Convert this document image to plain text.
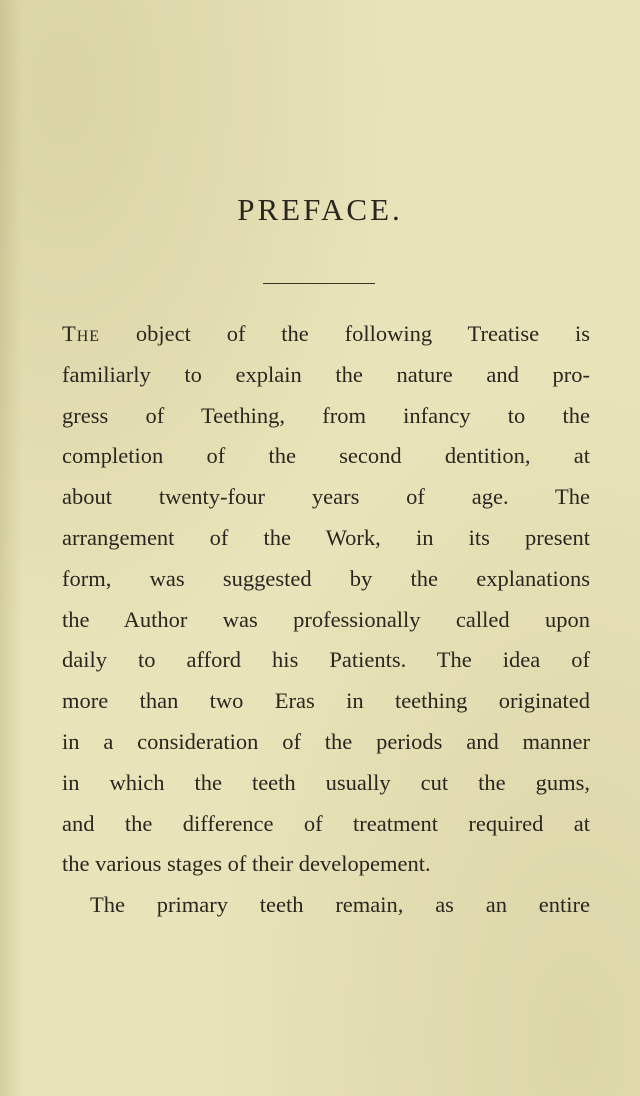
PREFACE.
The object of the following Treatise is
familiarly to explain the nature and pro-
gress of Teething, from infancy to the
completion of the second dentition, at
about twenty-four years of age. The
arrangement of the Work, in its present
form, was suggested by the explanations
the Author was professionally called upon
daily to afford his Patients. The idea of
more than two Eras in teething originated
in a consideration of the periods and manner
in which the teeth usually cut the gums,
and the difference of treatment required at
the various stages of their developement.
The primary teeth remain, as an entire
